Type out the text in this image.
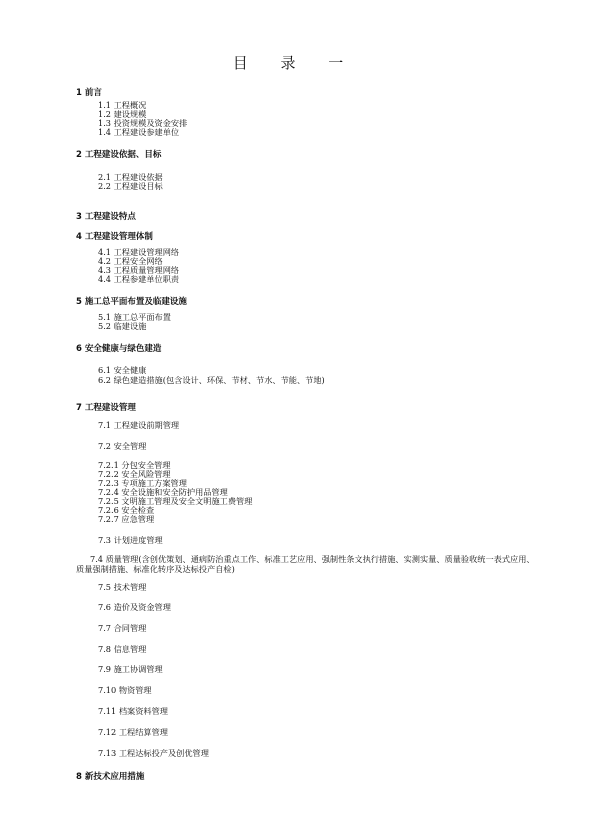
目 录 一
1 前言
1.1 工程概况
1.2 建设规模
1.3 投资规模及资金安排
1.4 工程建设参建单位
2 工程建设依据、目标
2.1 工程建设依据
2.2 工程建设目标
3 工程建设特点
4 工程建设管理体制
4.1 工程建设管理网络
4.2 工程安全网络
4.3 工程质量管理网络
4.4 工程参建单位职责
5 施工总平面布置及临建设施
5.1 施工总平面布置
5.2 临建设施
6 安全健康与绿色建造
6.1 安全健康
6.2 绿色建造措施(包含设计、环保、节材、节水、节能、节地)
7 工程建设管理
7.1 工程建设前期管理
7.2 安全管理
7.2.1 分包安全管理
7.2.2 安全风险管理
7.2.3 专项施工方案管理
7.2.4 安全设施和安全防护用品管理
7.2.5 文明施工管理及安全文明施工费管理
7.2.6 安全检查
7.2.7 应急管理
7.3 计划进度管理
7.4 质量管理(含创优策划、通病防治重点工作、标准工艺应用、强制性条文执行措施、实测实量、质量验收统一表式应用、质量强制措施、标准化转序及达标投产自检)
7.5 技术管理
7.6 造价及资金管理
7.7 合同管理
7.8 信息管理
7.9 施工协调管理
7.10 物资管理
7.11 档案资料管理
7.12 工程结算管理
7.13 工程达标投产及创优管理
8 新技术应用措施
